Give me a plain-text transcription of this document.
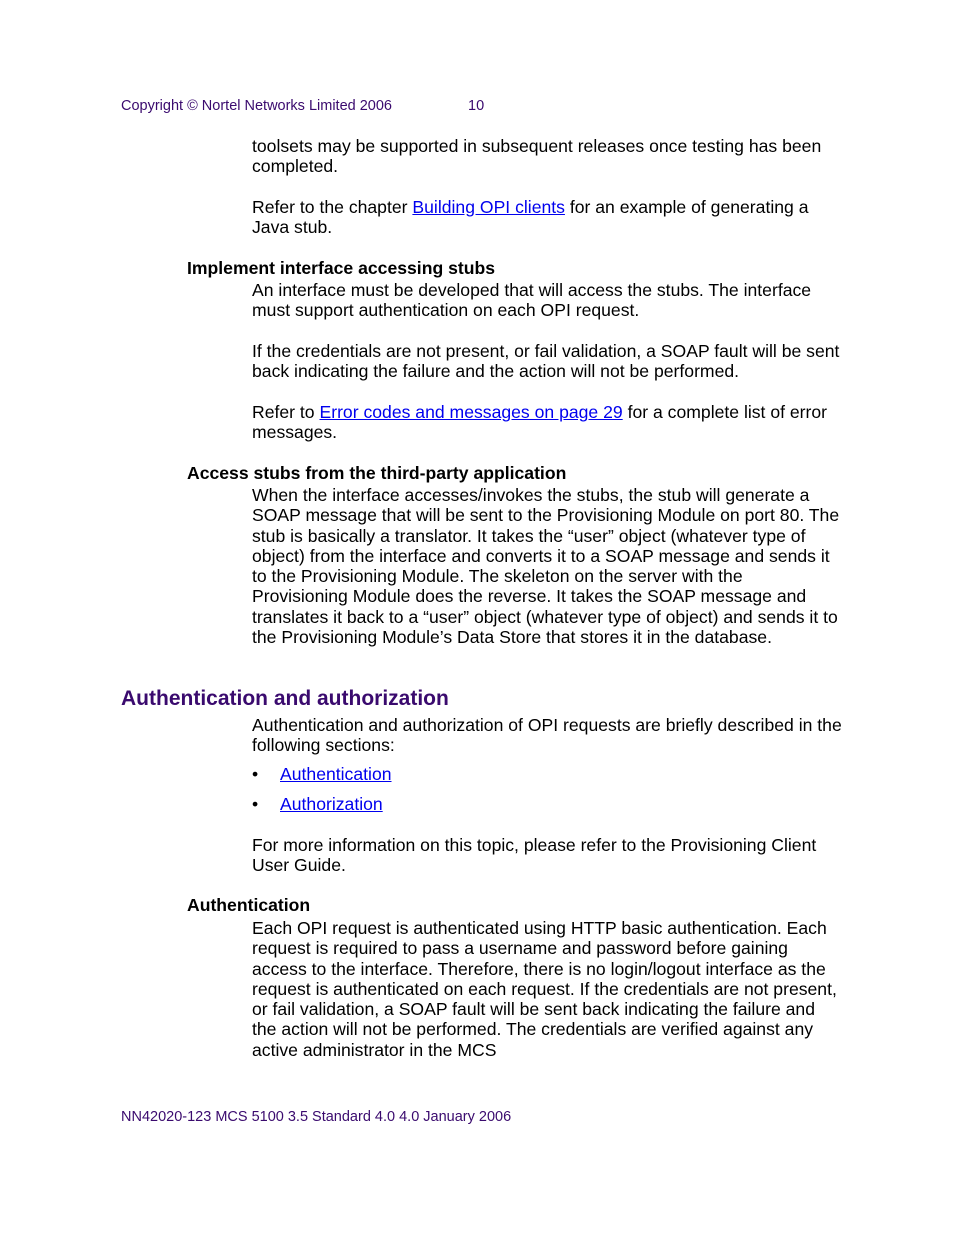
Copyright © Nortel Networks Limited 2006	10

toolsets may be supported in subsequent releases once testing has been completed.

Refer to the chapter Building OPI clients for an example of generating a Java stub.

Implement interface accessing stubs

An interface must be developed that will access the stubs. The interface must support authentication on each OPI request.

If the credentials are not present, or fail validation, a SOAP fault will be sent back indicating the failure and the action will not be performed.

Refer to Error codes and messages on page 29 for a complete list of error messages.

Access stubs from the third-party application

When the interface accesses/invokes the stubs, the stub will generate a SOAP message that will be sent to the Provisioning Module on port 80. The stub is basically a translator. It takes the “user” object (whatever type of object) from the interface and converts it to a SOAP message and sends it to the Provisioning Module. The skeleton on the server with the Provisioning Module does the reverse. It takes the SOAP message and translates it back to a “user” object (whatever type of object) and sends it to the Provisioning Module’s Data Store that stores it in the database.

Authentication and authorization

Authentication and authorization of OPI requests are briefly described in the following sections:

• Authentication
• Authorization

For more information on this topic, please refer to the Provisioning Client User Guide.

Authentication

Each OPI request is authenticated using HTTP basic authentication. Each request is required to pass a username and password before gaining access to the interface. Therefore, there is no login/logout interface as the request is authenticated on each request. If the credentials are not present, or fail validation, a SOAP fault will be sent back indicating the failure and the action will not be performed. The credentials are verified against any active administrator in the MCS

NN42020-123 MCS 5100 3.5 Standard 4.0 4.0 January 2006
